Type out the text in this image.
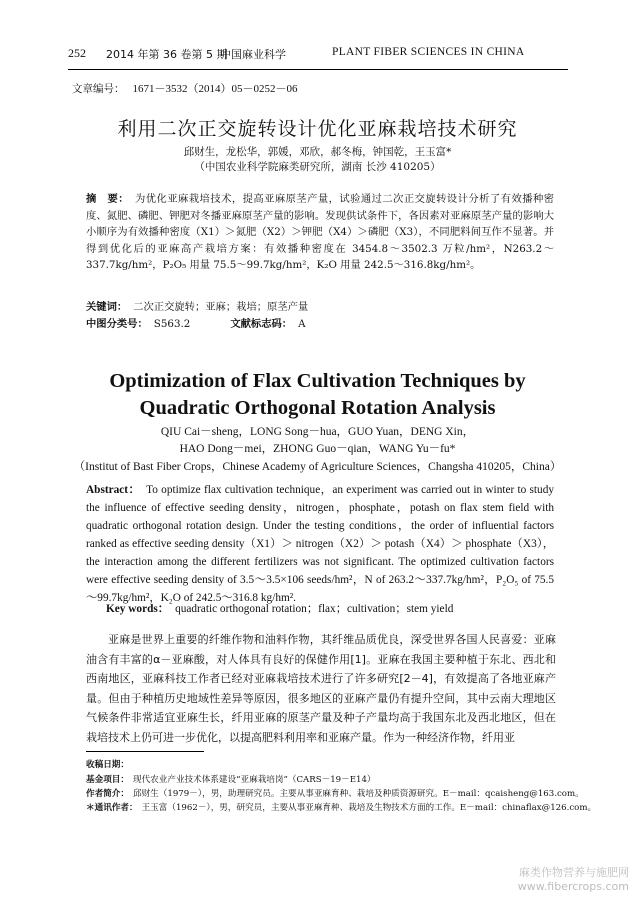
252 2014 年第 36 卷第 5 期
中国麻业科学	PLANT FIBER SCIENCES IN CHINA
文章编号： 1671－3532（2014）05－0252－06
利用二次正交旋转设计优化亚麻栽培技术研究
邱财生，龙松华，郭媛，邓欣，郝冬梅，钟国乾，王玉富*
（中国农业科学院麻类研究所，湖南 长沙 410205）
摘　要： 为优化亚麻栽培技术，提高亚麻原茎产量，试验通过二次正交旋转设计分析了有效播种密度、氮肥、磷肥、钾肥对冬播亚麻原茎产量的影响。发现供试条件下，各因素对亚麻原茎产量的影响大小顺序为有效播种密度（X1）＞氮肥（X2）＞钾肥（X4）＞磷肥（X3），不同肥料间互作不显著。并得到优化后的亚麻高产栽培方案：有效播种密度在 3454.8～3502.3 万粒/hm²，N263.2～337.7kg/hm²，P₂O₅ 用量 75.5～99.7kg/hm²，K₂O 用量 242.5～316.8kg/hm²。
关键词： 二次正交旋转；亚麻；栽培；原茎产量
中图分类号： S563.2	文献标志码： A
Optimization of Flax Cultivation Techniques by
Quadratic Orthogonal Rotation Analysis
QIU Cai－sheng，LONG Song－hua，GUO Yuan，DENG Xin，
HAO Dong－mei，ZHONG Guo－qian，WANG Yu－fu*
（Institut of Bast Fiber Crops，Chinese Academy of Agriculture Sciences，Changsha 410205，China）
Abstract： To optimize flax cultivation technique，an experiment was carried out in winter to study the influence of effective seeding density，nitrogen，phosphate，potash on flax stem field with quadratic orthogonal rotation design. Under the testing conditions，the order of influential factors ranked as effective seeding density（X1）＞ nitrogen（X2）＞ potash（X4）＞ phosphate（X3），the interaction among the different fertilizers was not significant. The optimized cultivation factors were effective seeding density of 3.5～3.5×106 seeds/hm²，N of 263.2～337.7kg/hm²，P₂O₅ of 75.5～99.7kg/hm²，K₂O of 242.5～316.8 kg/hm².
Key words： quadratic orthogonal rotation；flax；cultivation；stem yield
亚麻是世界上重要的纤维作物和油料作物，其纤维品质优良，深受世界各国人民喜爱：亚麻油含有丰富的α－亚麻酸，对人体具有良好的保健作用[1]。亚麻在我国主要种植于东北、西北和西南地区，亚麻科技工作者已经对亚麻栽培技术进行了许多研究[2－4]，有效提高了各地亚麻产量。但由于种植历史地域性差异等原因，很多地区的亚麻产量仍有提升空间，其中云南大理地区气候条件非常适宜亚麻生长，纤用亚麻的原茎产量及种子产量均高于我国东北及西北地区，但在栽培技术上仍可进一步优化，以提高肥料利用率和亚麻产量。作为一种经济作物，纤用亚
收稿日期：
基金项目： 现代农业产业技术体系建设“亚麻栽培岗”（CARS－19－E14）
作者简介： 邱财生（1979－），男，助理研究员。主要从事亚麻育种、栽培及种质资源研究。E－mail：qcaisheng@163.com。
＊通讯作者： 王玉富（1962－），男，研究员，主要从事亚麻育种、栽培及生物技术方面的工作。E－mail：chinaflax@126.com。
麻类作物营养与施肥网
www.fibercrops.com
